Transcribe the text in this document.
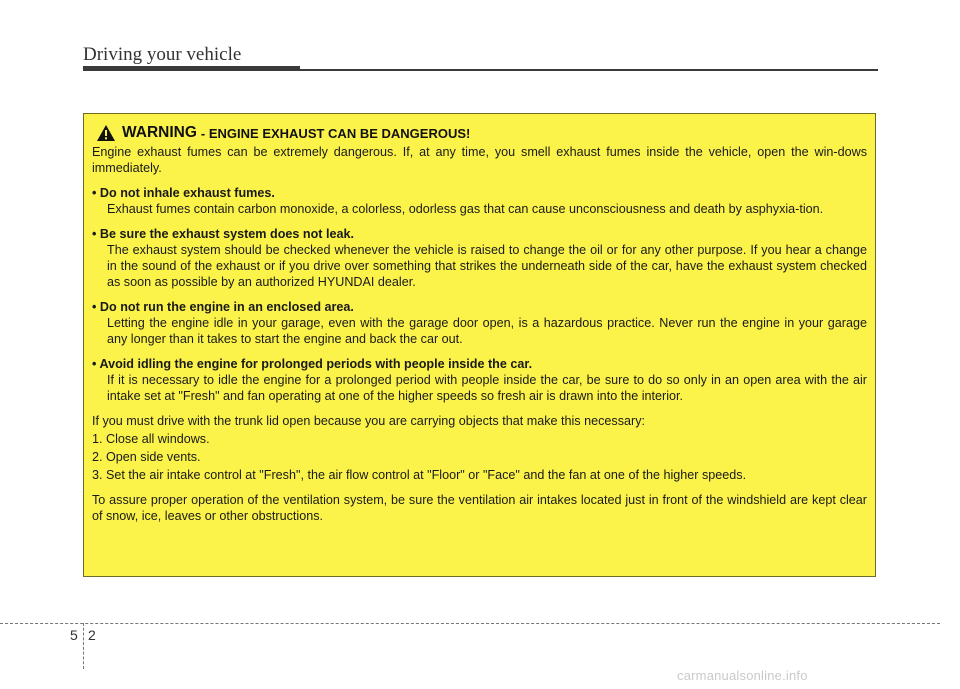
Driving your vehicle
WARNING - ENGINE EXHAUST CAN BE DANGEROUS!

Engine exhaust fumes can be extremely dangerous. If, at any time, you smell exhaust fumes inside the vehicle, open the win-dows immediately.

• Do not inhale exhaust fumes.

Exhaust fumes contain carbon monoxide, a colorless, odorless gas that can cause unconsciousness and death by asphyxia-tion.

• Be sure the exhaust system does not leak.

The exhaust system should be checked whenever the vehicle is raised to change the oil or for any other purpose. If you hear a change in the sound of the exhaust or if you drive over something that strikes the underneath side of the car, have the exhaust system checked as soon as possible by an authorized HYUNDAI dealer.

• Do not run the engine in an enclosed area.

Letting the engine idle in your garage, even with the garage door open, is a hazardous practice. Never run the engine in your garage any longer than it takes to start the engine and back the car out.

• Avoid idling the engine for prolonged periods with people inside the car.

If it is necessary to idle the engine for a prolonged period with people inside the car, be sure to do so only in an open area with the air intake set at "Fresh" and fan operating at one of the higher speeds so fresh air is drawn into the interior.

If you must drive with the trunk lid open because you are carrying objects that make this necessary:

1. Close all windows.

2. Open side vents.

3. Set the air intake control at "Fresh", the air flow control at "Floor" or "Face" and the fan at one of the higher speeds.

To assure proper operation of the ventilation system, be sure the ventilation air intakes located just in front of the windshield are kept clear of snow, ice, leaves or other obstructions.

5 2
carmanualsonline.info
